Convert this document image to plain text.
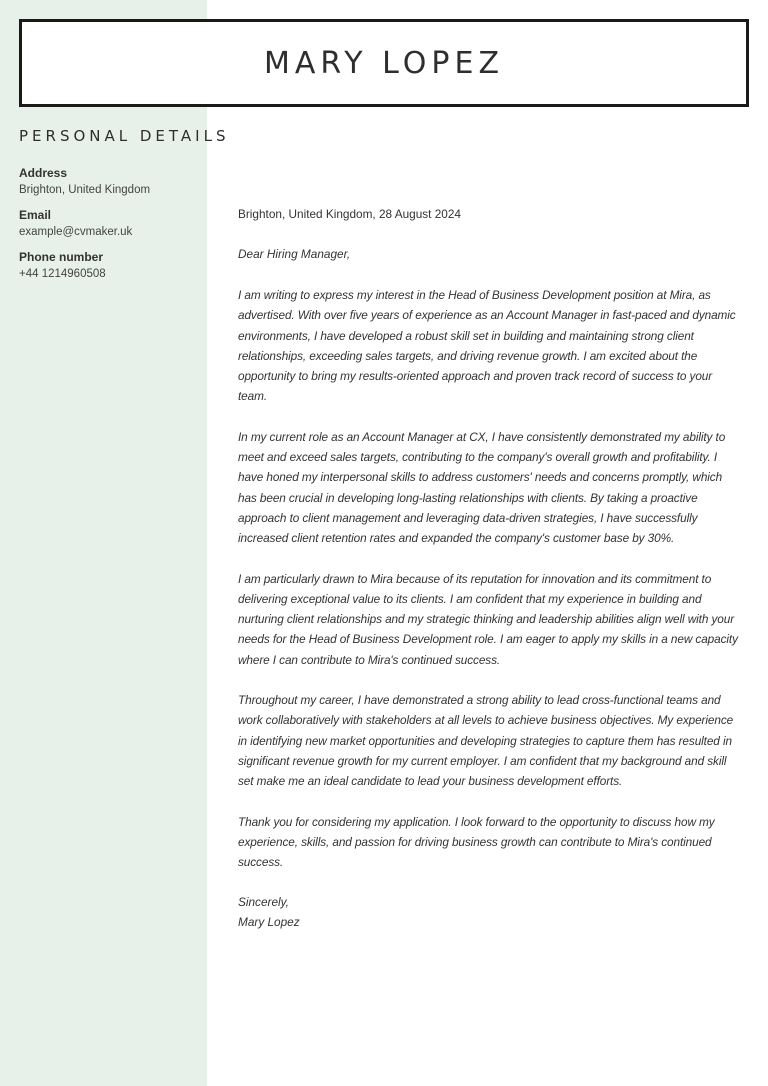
MARY LOPEZ
PERSONAL DETAILS
Address
Brighton, United Kingdom
Email
example@cvmaker.uk
Phone number
+44 1214960508

Brighton, United Kingdom, 28 August 2024

Dear Hiring Manager,

I am writing to express my interest in the Head of Business Development position at Mira, as advertised. With over five years of experience as an Account Manager in fast-paced and dynamic environments, I have developed a robust skill set in building and maintaining strong client relationships, exceeding sales targets, and driving revenue growth. I am excited about the opportunity to bring my results-oriented approach and proven track record of success to your team.

In my current role as an Account Manager at CX, I have consistently demonstrated my ability to meet and exceed sales targets, contributing to the company's overall growth and profitability. I have honed my interpersonal skills to address customers' needs and concerns promptly, which has been crucial in developing long-lasting relationships with clients. By taking a proactive approach to client management and leveraging data-driven strategies, I have successfully increased client retention rates and expanded the company's customer base by 30%.

I am particularly drawn to Mira because of its reputation for innovation and its commitment to delivering exceptional value to its clients. I am confident that my experience in building and nurturing client relationships and my strategic thinking and leadership abilities align well with your needs for the Head of Business Development role. I am eager to apply my skills in a new capacity where I can contribute to Mira's continued success.

Throughout my career, I have demonstrated a strong ability to lead cross-functional teams and work collaboratively with stakeholders at all levels to achieve business objectives. My experience in identifying new market opportunities and developing strategies to capture them has resulted in significant revenue growth for my current employer. I am confident that my background and skill set make me an ideal candidate to lead your business development efforts.

Thank you for considering my application. I look forward to the opportunity to discuss how my experience, skills, and passion for driving business growth can contribute to Mira's continued success.

Sincerely,

Mary Lopez
